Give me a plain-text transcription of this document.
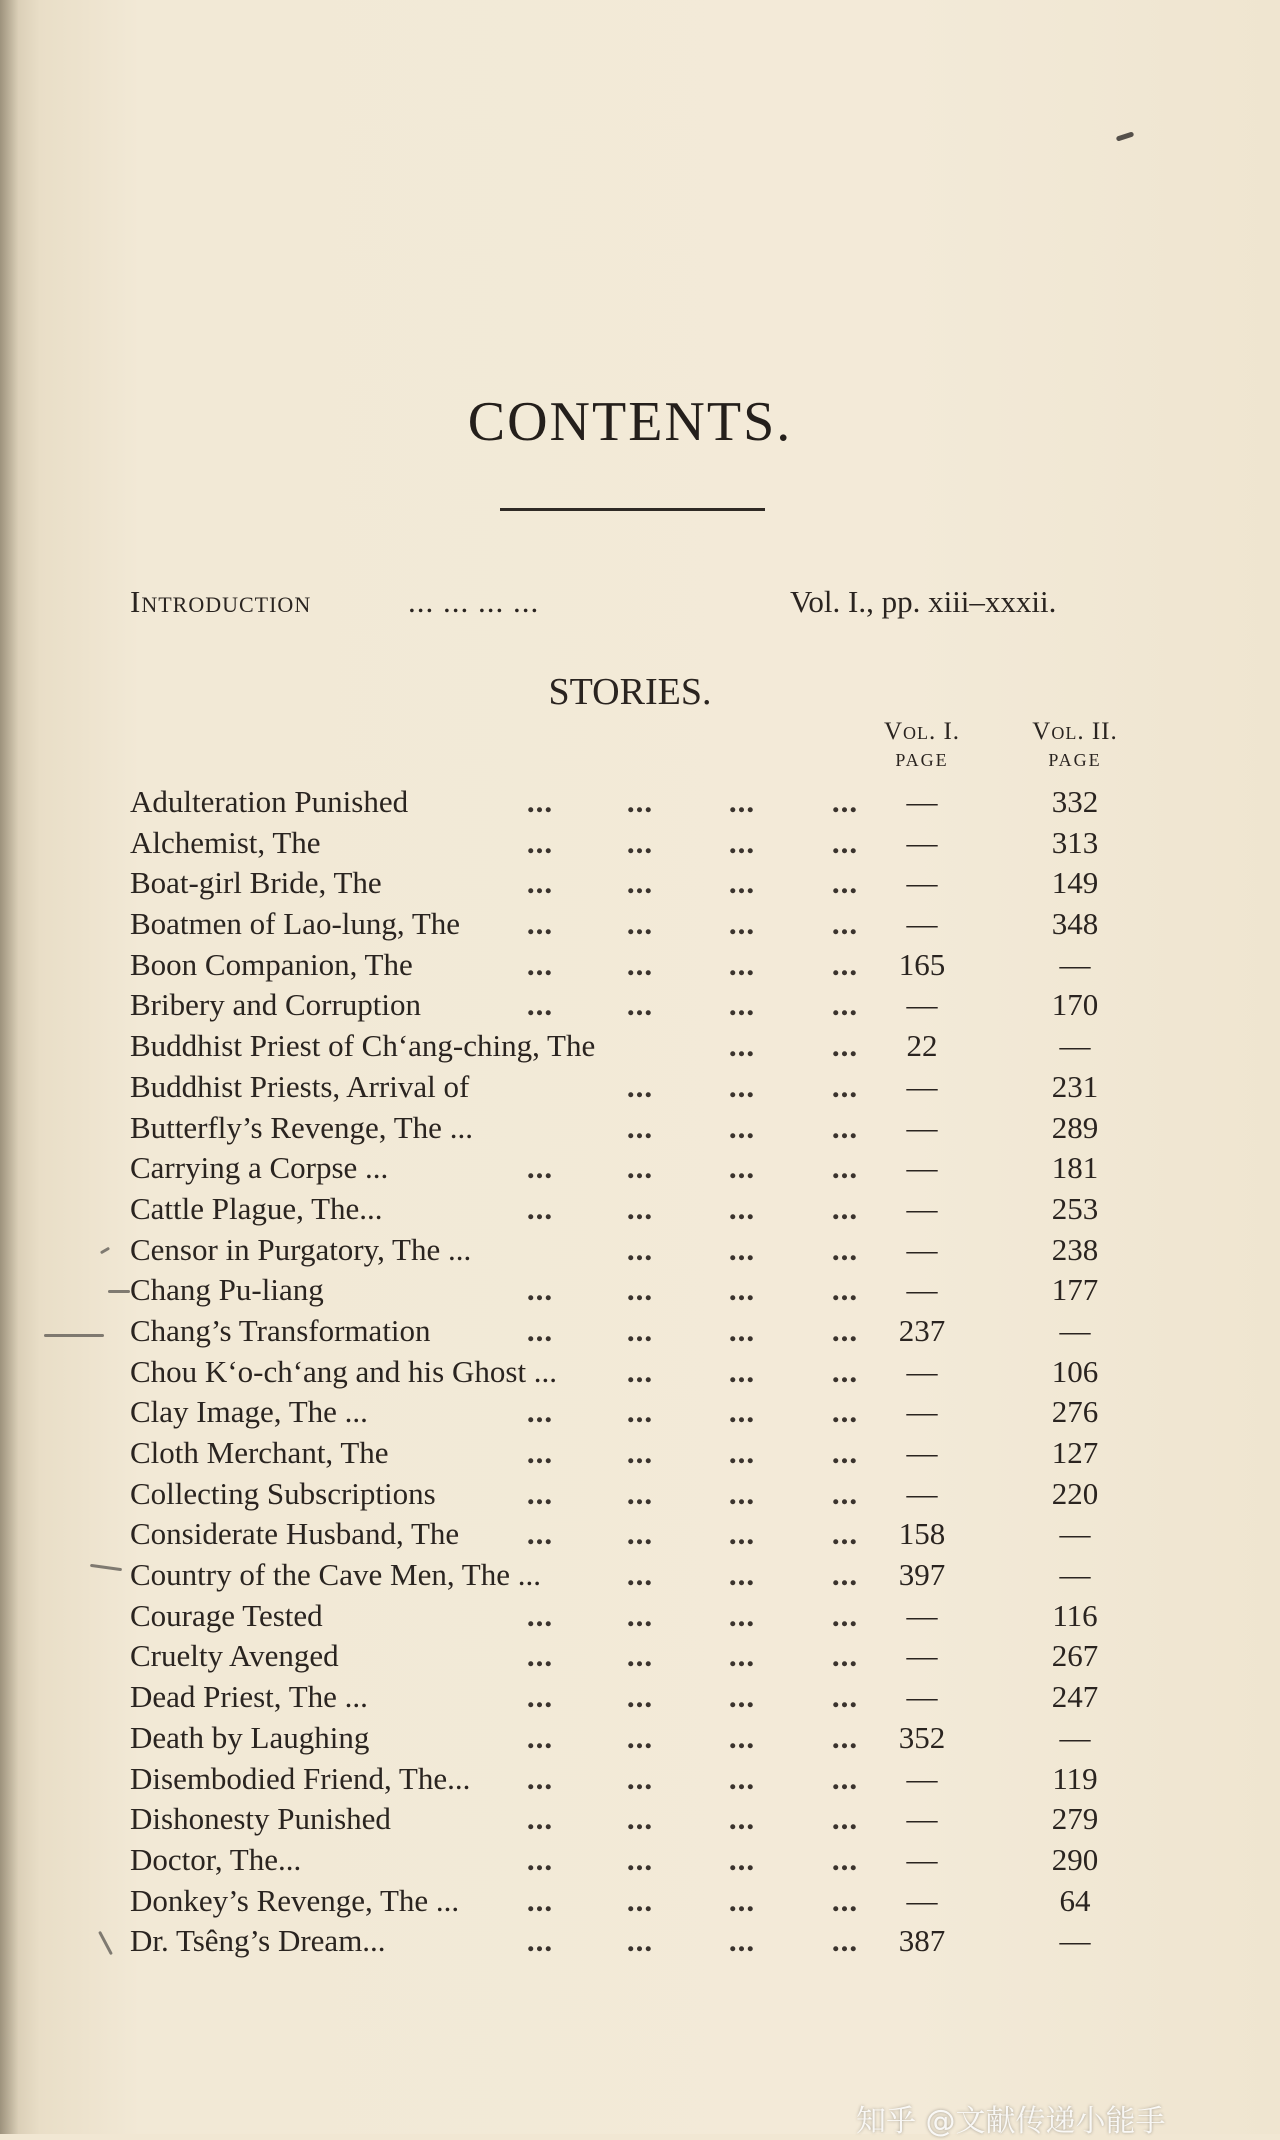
CONTENTS.
Introduction	... ... ... ...	Vol. I., pp. xiii–xxxii.
STORIES.
Vol. I.
PAGE
Vol. II.
PAGE
Adulteration Punished	... ... ... ...	—	332
Alchemist, The	... ... ... ...	—	313
Boat-girl Bride, The	... ... ... ...	—	149
Boatmen of Lao-lung, The ... ... ... ...	—	348
Boon Companion, The	... ... ... ...	165	—
Bribery and Corruption	... ... ... ...	—	170
Buddhist Priest of Ch‘ang-ching, The	... ...	22	—
Buddhist Priests, Arrival of	... ... ...	—	231
Butterfly’s Revenge, The ...	... ... ...	—	289
Carrying a Corpse ...	... ... ... ...	—	181
Cattle Plague, The...	... ... ... ...	—	253
Censor in Purgatory, The ...	... ... ...	—	238
Chang Pu-liang	... ... ... ...	—	177
Chang’s Transformation	... ... ... ...	237	—
Chou K‘o-ch‘ang and his Ghost ... ... ... ...	—	106
Clay Image, The ...	... ... ... ...	—	276
Cloth Merchant, The	... ... ... ...	—	127
Collecting Subscriptions	... ... ... ...	—	220
Considerate Husband, The ... ... ... ...	158	—
Country of the Cave Men, The ...	... ... ...	397	—
Courage Tested	... ... ... ...	—	116
Cruelty Avenged	... ... ... ...	—	267
Dead Priest, The ...	... ... ... ...	—	247
Death by Laughing	... ... ... ...	352	—
Disembodied Friend, The... ... ... ... ...	—	119
Dishonesty Punished	... ... ... ...	—	279
Doctor, The...	... ... ... ...	—	290
Donkey’s Revenge, The ... ... ... ... ...	—	64
Dr. Tsêng’s Dream...	... ... ... ...	387	—
知乎 @文献传递小能手
